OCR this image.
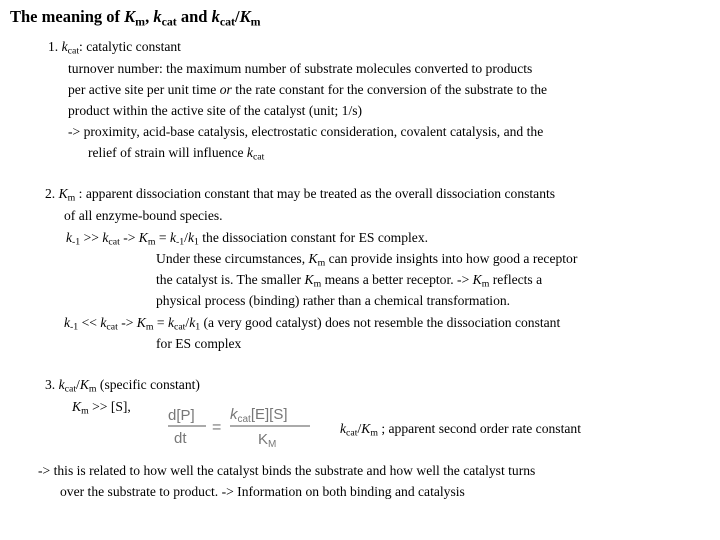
The meaning of $K_m$, $k_{cat}$ and $k_{cat}/K_m$
1. $k_{cat}$: catalytic constant
turnover number: the maximum number of substrate molecules converted to products
per active site per unit time or the rate constant for the conversion of the substrate to the
product within the active site of the catalyst (unit; 1/s)
-> proximity, acid-base catalysis, electrostatic consideration, covalent catalysis, and the
relief of strain will influence $k_{cat}$
2. $K_m$ : apparent dissociation constant that may be treated as the overall dissociation constants
of all enzyme-bound species.
$k_{-1} >> k_{cat} -> K_m = k_{-1}/k_1$ the dissociation constant for ES complex.
Under these circumstances, $K_m$ can provide insights into how good a receptor
the catalyst is. The smaller $K_m$ means a better receptor. -> $K_m$ reflects a
physical process (binding) rather than a chemical transformation.
$k_{-1} << k_{cat} -> K_m = k_{cat}/k_1$ (a very good catalyst) does not resemble the dissociation constant
for ES complex
3. $k_{cat}/K_m$ (specific constant)
$K_m >> [S]$,
d[P]
dt
=
$k_{cat}[E][S]$
$K_M$
$k_{cat}/K_m$ ; apparent second order rate constant
-> this is related to how well the catalyst binds the substrate and how well the catalyst turns
over the substrate to product. -> Information on both binding and catalysis
